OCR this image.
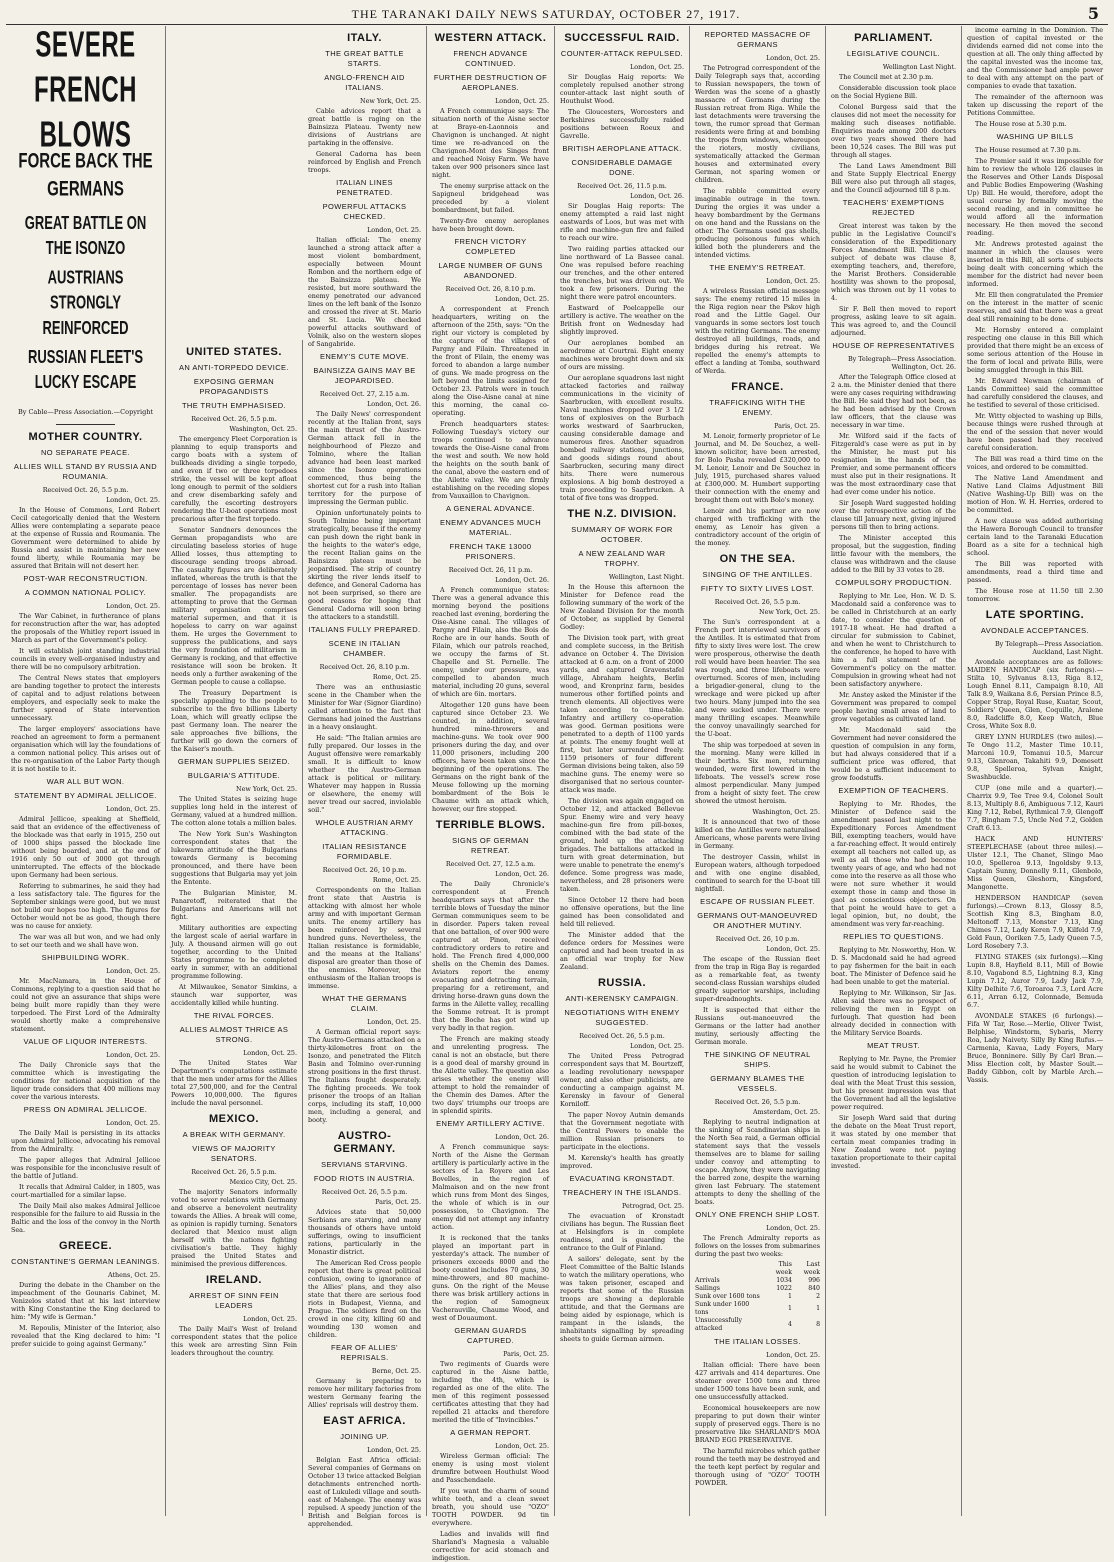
THE TARANAKI DAILY NEWS SATURDAY, OCTOBER 27, 1917.	5
SEVERE FRENCH BLOWS
FORCE BACK THE GERMANS
GREAT BATTLE ON THE ISONZO
AUSTRIANS STRONGLY REINFORCED
RUSSIAN FLEET'S LUCKY ESCAPE
By Cable—Press Association.—Copyright
MOTHER COUNTRY.
NO SEPARATE PEACE.
ALLIES WILL STAND BY RUSSIA AND ROUMANIA.

Received Oct. 26, 5.5 p.m.

London, Oct. 25.

In the House of Commons, Lord Robert Cecil categorically denied that the Western Allies were contemplating a separate peace at the expense of Russia and Roumania. The Government were determined to abide by Russia and assist in maintaining her new found liberty, while Roumania may be assured that Britain will not desert her.

POST-WAR RECONSTRUCTION.
A COMMON NATIONAL POLICY.

London, Oct. 25.

The War Cabinet, in furtherance of plans for reconstruction after the war, has adopted the proposals of the Whitley report issued in March as part of the Government's policy.

It will establish joint standing industrial councils in every well-organised industry and there will be no compulsory arbitration.

The Central News states that employers are banding together to protect the interests of capital and to adjust relations between employers, and especially seek to make the further spread of State intervention unnecessary.

The larger employers' associations have reached an agreement to form a permanent organisation which will lay the foundations of a common national policy. This arises out of the re-organisation of the Labor Party though it is not hostile to it.

WAR ALL BUT WON.
STATEMENT BY ADMIRAL JELLICOE.

London, Oct. 25.

Admiral Jellicoe, speaking at Sheffield, said that an evidence of the effectiveness of the blockade was that early in 1915, 250 out of 1000 ships passed the blockade line without being boarded, and at the end of 1916 only 50 out of 3000 got through uninterrupted. The effects of the blockade upon Germany had been serious.

Referring to submarines, he said they had a less satisfactory tale. The figures for the September sinkings were good, but we must not build our hopes too high. The figures for October would not be as good, though there was no cause for anxiety.

The war was all but won, and we had only to set our teeth and we shall have won.

SHIPBUILDING WORK.

London, Oct. 25.

Mr. MacNamara, in the House of Commons, replying to a question said that he could not give an assurance that ships were being built more rapidly than they were torpedoed. The First Lord of the Admiralty would shortly make a comprehensive statement.

VALUE OF LIQUOR INTERESTS.

London, Oct. 25.

The Daily Chronicle says that the committee which is investigating the conditions for national acquisition of the liquor trade considers that 400 millions may cover the various interests.

PRESS ON ADMIRAL JELLICOE.

London, Oct. 25.

The Daily Mail is persisting in its attacks upon Admiral Jellicoe, advocating his removal from the Admiralty.

The paper alleges that Admiral Jellicoe was responsible for the inconclusive result of the battle of Jutland.

It recalls that Admiral Calder, in 1805, was court-martialled for a similar lapse.

The Daily Mail also makes Admiral Jellicoe responsible for the failure to aid Russia in the Baltic and the loss of the convoy in the North Sea.

GREECE.
CONSTANTINE'S GERMAN LEANINGS.

Athens, Oct. 25.

During the debate in the Chamber on the impeachment of the Gounaris Cabinet, M. Venizelos stated that at his last interview with King Constantine the King declared to him: "My wife is German."

M. Repoulis, Minister of the Interior, also revealed that the King declared to him: "I prefer suicide to going against Germany."

UNITED STATES.
AN ANTI-TORPEDO DEVICE.
EXPOSING GERMAN PROPAGANDISTS
THE TRUTH EMPHASISED.

Received Oct. 26, 5.5 p.m.

Washington, Oct. 25.

The emergency Fleet Corporation is planning to equip transports and cargo boats with a system of bulkheads dividing a single torpedo, and even if two or three torpedoes strike, the vessel will be kept afloat long enough to permit of the soldiers and crew disembarking safely and carefully, the escorting destroyers rendering the U-boat operations most precarious after the first torpedo.

Senator Sandners denounces the German propagandists who are circulating baseless stories of huge Allied losses, thus attempting to discourage sending troops abroad. The casualty figures are deliberately inflated, whereas the truth is that the percentage of losses has never been smaller. The propagandists are attempting to prove that the German military organisation comprises material supermen, and that it is hopeless to carry on war against them. He urges the Government to suppress the publications, and says the very foundation of militarism in Germany is rocking, and that effective resistance will soon be broken. It needs only a further awakening of the German people to cause a collapse.

The Treasury Department is specially appealing to the people to subscribe to the five billions Liberty Loan, which will greatly eclipse the past Germany loan. The nearer the sale approaches five billions, the further will go down the corners of the Kaiser's mouth.

GERMAN SUPPLIES SEIZED.
BULGARIA'S ATTITUDE.

New York, Oct. 25.

The United States is seizing huge supplies long held in the interest of Germany, valued at a hundred million. The cotton alone totals a million bales.

The New York Sun's Washington correspondent states that the lukewarm attitude of the Bulgarians towards Germany is becoming pronounced, and there have been suggestions that Bulgaria may yet join the Entente.

The Bulgarian Minister, M. Panaretoff, reiterated that the Bulgarians and Americans will not fight.

Military authorities are expecting the largest scale of aerial warfare in July. A thousand airmen will go out together, according to the United States programme to be completed early in summer, with an additional programme following.

At Milwaukee, Senator Simkins, a staunch war supporter, was accidentally killed while hunting.

THE RIVAL FORCES.
ALLIES ALMOST THRICE AS STRONG.

London, Oct. 25.

The United States War Department's computations estimate that the men under arms for the Allies total 27,500,000, and for the Central Powers 10,000,000. The figures include the naval personnel.

MEXICO.
A BREAK WITH GERMANY.
VIEWS OF MAJORITY SENATORS.

Received Oct. 26, 5.5 p.m.

Mexico City, Oct. 25.

The majority Senators informally voted to sever relations with Germany and observe a benevolent neutrality towards the Allies. A break will come, as opinion is rapidly turning. Senators declared that Mexico must align herself with the nations fighting civilisation's battle. They highly praised the United States and minimised the previous differences.

IRELAND.
ARREST OF SINN FEIN LEADERS

London, Oct. 25.

The Daily Mail's West of Ireland correspondent states that the police this week are arresting Sinn Fein leaders throughout the country.

ITALY.
THE GREAT BATTLE STARTS.
ANGLO-FRENCH AID ITALIANS.

New York, Oct. 25.

Cable advices report that a great battle is raging on the Bainsizza Plateau. Twenty new divisions of Austrians are partaking in the offensive.

General Cadorna has been reinforced by English and French troops.

ITALIAN LINES PENETRATED.
POWERFUL ATTACKS CHECKED.

London, Oct. 25.

Italian official: The enemy launched a strong attack after a most violent bombardment, especially between Mount Rombon and the northern edge of the Bainsizza plateau. We resisted, but more southward the enemy penetrated our advanced lines on the left bank of the Isonzo and crossed the river at St. Mario and St. Lucia. We checked powerful attacks southward of Volnik, also on the western slopes of Sangabride.

ENEMY'S CUTE MOVE.
BAINSIZZA GAINS MAY BE JEOPARDISED.

Received Oct. 27, 2.15 a.m.

London, Oct. 26.

The Daily News' correspondent recently at the Italian front, says the main thrust of the Austro-German attack fell in the neighbourhood of Plezzo and Tolmino, where the Italian advance had been least marked since the Isonzo operations commenced, thus being the shortest cut for a rush into Italian territory for the purpose of impressing the German public.

Opinion unfortunately points to South Tolmino being important strategically, because if the enemy can push down the right bank in the heights to the water's edge, the recent Italian gains on the Bainsizza plateau must be jeopardised. The strip of country skirting the river lends itself to defence, and General Cadorna has not been surprised, so there are good reasons for hoping that General Cadorna will soon bring the attackers to a standstill.

ITALIANS FULLY PREPARED.
SCENE IN ITALIAN CHAMBER.

Received Oct. 26, 8.10 p.m.

Rome, Oct. 25.

There was an enthusiastic scene in the Chamber when the Minister for War (Signor Giardino) called attention to the fact that Germans had joined the Austrians in a heavy onslaught.

He said: "The Italian armies are fully prepared. Our losses in the August offensive were remarkably small. It is difficult to know whether the Austro-German attack is political or military. Whatever may happen in Russia or elsewhere, the enemy will never tread our sacred, inviolable soil."

WHOLE AUSTRIAN ARMY ATTACKING.
ITALIAN RESISTANCE FORMIDABLE.

Received Oct. 26, 10 p.m.

Rome, Oct. 25.

Correspondents on the Italian front state that Austria is attacking with almost her whole army and with important German units. The enemy artillery has been reinforced by several hundred guns. Nevertheless, the Italian resistance is formidable, and the means at the Italians' disposal are greater than those of the enemies. Moreover, the enthusiasm of the Italian troops is immense.

WHAT THE GERMANS CLAIM.

London, Oct. 25.

A German official report says: The Austro-Germans attacked on a thirty-kilometres front on the Isonzo, and penetrated the Flitch Basin and Tolmino over-running strong positions in the first thrust. The Italians fought desperately. The fighting proceeds. We took prisoner the troops of an Italian corps, including its staff, 10,000 men, including a general, and booty.

AUSTRO-GERMANY.
SERVIANS STARVING.
FOOD RIOTS IN AUSTRIA.

Received Oct. 26, 5.5 p.m.

Paris, Oct. 25.

Advices state that 50,000 Serbians are starving, and many thousands of others have untold sufferings, owing to insufficient rations, particularly in the Monastir district.

The American Red Cross people report that there is great political confusion, owing to ignorance of the Allies' plans, and they also state that there are serious food riots in Budapest, Vienna, and Prague. The soldiers fired on the crowd in one city, killing 60 and wounding 130 women and children.

FEAR OF ALLIES' REPRISALS.

Berne, Oct. 25.

Germany is preparing to remove her military factories from western Germany fearing the Allies' reprisals will destroy them.

EAST AFRICA.
JOINING UP.

London, Oct. 25.

Belgian East Africa official: Several companies of Germans on October 13 twice attacked Belgian detachments entrenched north-east of Lukuledi village and south-east of Mahenge. The enemy was repulsed. A speedy junction of the British and Belgian forces is apprehended.

WESTERN ATTACK.
FRENCH ADVANCE CONTINUED.
FURTHER DESTRUCTION OF AEROPLANES.

London, Oct. 25.

A French communique says: The situation north of the Aisne sector at Braye-en-Laonnois and Chavignon is unchanged. At night time we re-advanced on the Chavignon-Mont des Singes front and reached Noisy Farm. We have taken over 900 prisoners since last night.

The enemy surprise attack on the Sapigneul bridgehead was preceded by a violent bombardment, but failed.

Twenty-five enemy aeroplanes have been brought down.

FRENCH VICTORY COMPLETED
LARGE NUMBER OF GUNS ABANDONED.

Received Oct. 26, 8.10 p.m.

London, Oct. 25.

A correspondent at French headquarters, writing on the afternoon of the 25th, says: "On the right our victory is completed by the capture of the villages of Pargny and Filain. Threatened in the front of Filain, the enemy was forced to abandon a large number of guns. We made progress on the left beyond the limits assigned for October 23. Patrols were in touch along the Oise-Aisne canal at nine this morning, the canal co-operating.

French headquarters states: Following Tuesday's victory our troops continued to advance towards the Oise-Aisne canal from the west and south. We now hold the heights on the south bank of the canal, above the eastern end of the Ailette valley. We are firmly establishing on the receding slopes from Vauxaillon to Chavignon.

A GENERAL ADVANCE.
ENEMY ADVANCES MUCH MATERIAL.
FRENCH TAKE 13000 PRISONERS.

Received Oct. 26, 11 p.m.

London, Oct. 26.

A French communique states: There was a general advance this morning beyond the positions reached last evening, bordering the Oise-Aisne canal. The villages of Pargny and Filain, also the Bois de Roche are in our hands. South of Filain, which our patrols reached, we occupy the farms of St. Chapelle and St. Pernelle. The enemy, under our pressure, was compelled to abandon much material, including 20 guns, several of which are 6in. mortars.

Altogether 120 guns have been captured since October 23. We counted, in addition, several hundred mine-throwers and machine-guns. We took over 900 prisoners during the day, and over 11,000 prisoners, including 200 officers, have been taken since the beginning of the operations. The Germans on the right bank of the Meuse following up the morning bombardment of the Bois le Chaume with an attack which, however, our fire stopped.

TERRIBLE BLOWS.
SIGNS OF GERMAN RETREAT.

Received Oct. 27, 12.5 a.m.

London, Oct. 26.

The Daily Chronicle's correspondent at French headquarters says that after the terrible blows of Tuesday the minor German communiques seem to be in disorder. Papers taken reveal that one battalion, of over 900 were captured at Pinon, received contradictory orders to retire and hold. The French fired 4,000,000 shells on the Chemin des Dames. Aviators report the enemy evacuating and detracting terrain, preparing for a retirement, and driving horse-drawn guns down the farms in the Ailette valley, recalling the Somme retreat. It is prompt that the Boche has got wind up very badly in that region.

The French are making steady and unrelenting progress. The canal is not an obstacle, but there is a good deal of marshy ground in the Ailette valley. The question also arises whether the enemy will attempt to hold the remainder of the Chemin des Dames. After the two days' triumphs our troops are in splendid spirits.

ENEMY ARTILLERY ACTIVE.

London, Oct. 26.

A French communique says: North of the Aisne the German artillery is particularly active in the sectors of La Royere and Les Bovelles, in the region of Malmaison and on the new front which runs from Mont des Singes, the whole of which is in our possession, to Chavignon. The enemy did not attempt any infantry action.

It is reckoned that the tanks played an important part in yesterday's attack. The number of prisoners exceeds 8000 and the booty counted includes 70 guns, 30 mine-throwers, and 80 machine-guns. On the right of the Meuse there was brisk artillery actions in the region of Samogneux Vacherauville, Chaume Wood, and west of Douaumont.

GERMAN GUARDS CAPTURED.

Paris, Oct. 25.

Two regiments of Guards were captured in the Aisne battle, including the 4th, which is regarded as one of the elite. The men of this regiment possessed certificates attesting that they had repelled 21 attacks and therefore merited the title of "Invincibles."

A GERMAN REPORT.

London, Oct. 25.

Wireless German official: The enemy is using most violent drumfire between Houthulst Wood and Passchendaele.

If you want the charm of sound white teeth, and a clean sweet breath, you should use "OZO" TOOTH POWDER. 9d tin everywhere.

Ladies and invalids will find Sharland's Magnesia a valuable corrective for acid stomach and indigestion.

SUCCESSFUL RAID.
COUNTER-ATTACK REPULSED.

London, Oct. 25.

Sir Douglas Haig reports: We completely repulsed another strong counter-attack last night south of Houthulst Wood.

The Gloucesters, Worcesters and Berkshires successfully raided positions between Roeux and Gavrelle.

BRITISH AEROPLANE ATTACK.
CONSIDERABLE DAMAGE DONE.

Received Oct. 26, 11.5 p.m.

London, Oct. 26.

Sir Douglas Haig reports: The enemy attempted a raid last night eastwards of Loos, but was met with rifle and machine-gun fire and failed to reach our wire.

Two raiding parties attacked our line northward of La Bassee canal. One was repulsed before reaching our trenches, and the other entered the trenches, but was driven out. We took a few prisoners. During the night there were patrol encounters.

Eastward of Poelcappelle our artillery is active. The weather on the British front on Wednesday had slightly improved.

Our aeroplanes bombed an aerodrome at Courtrai. Eight enemy machines were brought down and six of ours are missing.

Our aeroplane squadrons last night attacked factories and railway communications in the vicinity of Saarbrucken, with excellent results. Naval machines dropped over 3 1/2 tons of explosives on the Burbach works westward of Saarbrucken, causing considerable damage and numerous fires. Another squadron bombed railway stations, junctions, and goods sidings round about Saarbrucken, securing many direct hits. There were numerous explosions. A big bomb destroyed a train proceeding to Saarbrucken. A total of five tons was dropped.

THE N.Z. DIVISION.
SUMMARY OF WORK FOR OCTOBER.
A NEW ZEALAND WAR TROPHY.

Wellington, Last Night.

In the House this afternoon the Minister for Defence read the following summary of the work of the New Zealand Division for the month of October, as supplied by General Godley:

The Division took part, with great and complete success, in the British advance on October 4. The Division attacked at 6 a.m. on a front of 2000 yards, and captured Gravenstafel village, Abraham heights, Berlin wood, and Kronprinz farm, besides numerous other fortified points and trench elements. All objectives were taken according to time-table. Infantry and artillery co-operation was good. German positions were penetrated to a depth of 1100 yards at points. The enemy fought well at first, but later surrendered freely. 1159 prisoners of four different German divisions being taken, also 59 machine guns. The enemy were so disorganised that no serious counter-attack was made.

The division was again engaged on October 12, and attacked Bellevue Spur. Enemy wire and very heavy machine-gun fire from pill-boxes, combined with the bad state of the ground, held up the attacking brigades. The battalions attacked in turn with great determination, but were unable to penetrate the enemy's defence. Some progress was made, nevertheless, and 28 prisoners were taken.

Since October 12 there had been no offensive operations, but the line gained has been consolidated and held till relieved.

The Minister added that the defence orders for Messines were captured and had been treated in as an official war trophy for New Zealand.

RUSSIA.
ANTI-KERENSKY CAMPAIGN.
NEGOTIATIONS WITH ENEMY SUGGESTED.

Received Oct. 26, 5.5 p.m.

London, Oct. 25.

The United Press Petrograd correspondent says that M. Bourtzeff, a leading revolutionary newspaper owner, and also other publicists, are conducting a campaign against M. Kerensky in favour of General Korniloff.

The paper Novoy Autnin demands that the Government negotiate with the Central Powers to enable the million Russian prisoners to participate in the elections.

M. Kerensky's health has greatly improved.

EVACUATING KRONSTADT.
TREACHERY IN THE ISLANDS.

Petrograd, Oct. 25.

The evacuation of Kronstadt civilians has begun. The Russian fleet at Helsingfors is in complete readiness, and is guarding the entrance to the Gulf of Finland.

A sailors' delegate, sent by the Fleet Committee of the Baltic Islands to watch the military operations, who was taken prisoner, escaped and reports that some of the Russian troops are showing a deplorable attitude, and that the Germans are being aided by espionage, which is rampant in the islands, the inhabitants signalling by spreading sheets to guide German airmen.

REPORTED MASSACRE OF GERMANS

London, Oct. 25.

The Petrograd correspondent of the Daily Telegraph says that, according to Russian newspapers, the town of Werden was the scene of a ghastly massacre of Germans during the Russian retreat from Riga. While the last detachments were traversing the town, the rumor spread that German residents were firing at and bombing the troops from windows, whereupon the rioters, mostly civilians, systematically attacked the German houses and exterminated every German, not sparing women or children.

The rabble committed every imaginable outrage in the town. During the orgies it was under a heavy bombardment by the Germans on one hand and the Russians on the other. The Germans used gas shells, producing poisonous fumes which killed both the plunderers and the intended victims.

THE ENEMY'S RETREAT.

London, Oct. 25.

A wireless Russian official message says: The enemy retired 15 miles in the Riga region near the Pskov high road and the Little Gagel. Our vanguards in some sectors lost touch with the retiring Germans. The enemy destroyed all buildings, roads, and bridges during his retreat. We repelled the enemy's attempts to effect a landing at Tomba, southward of Werda.

FRANCE.
TRAFFICKING WITH THE ENEMY.

Paris, Oct. 25.

M. Lenoir, formerly proprietor of Le Journal, and M. De Souchez, a well-known solicitor, have been arrested, for Bolo Pasha revealed £320,000 to M. Lenoir, Lenoir and De Souchez in July, 1915, purchased shares valued at £300,000. M. Humbert supporting their connection with the enemy and brought them out with Bolo's money.

Lenoir and his partner are now charged with trafficking with the enemy, as Lenoir has given a contradictory account of the origin of the money.

ON THE SEA.
SINGING OF THE ANTILLES.
FIFTY TO SIXTY LIVES LOST.

Received Oct. 26, 5.5 p.m.

New York, Oct. 25.

The Sun's correspondent at a French port interviewed survivors of the Antilles. It is estimated that from fifty to sixty lives were lost. The crew were prosperous, otherwise the death roll would have been heavier. The sea was rough, and three lifeboats were overturned. Scores of men, including a brigadier-general, clung to the wreckage and were picked up after two hours. Many jumped into the sea and were sucked under. There were many thrilling escapes. Meanwhile the convoy unavailingly searched for the U-boat.

The ship was torpedoed at seven in the morning. Many were killed in their berths. Six men, returning wounded, were first lowered in the lifeboats. The vessel's screw rose almost perpendicular. Many jumped from a height of sixty feet. The crew showed the utmost heroism.

Washington, Oct. 25.

It is announced that two of those killed on the Antilles were naturalised Americans, whose parents were living in Germany.

The destroyer Cassin, whilst in European waters, although torpedoed and with one engine disabled, continued to search for the U-boat till nightfall.

ESCAPE OF RUSSIAN FLEET.
GERMANS OUT-MANOEUVRED OR ANOTHER MUTINY.

Received Oct. 26, 10 p.m.

London, Oct. 25.

The escape of the Russian fleet from the trap in Riga Bay is regarded as a remarkable feat, as twenty second-class Russian warships eluded greatly superior warships, including super-dreadnoughts.

It is suspected that either the Russians out-manoeuvred the Germans or the latter had another mutiny, seriously affecting the German morale.

THE SINKING OF NEUTRAL SHIPS.
GERMANY BLAMES THE VESSELS.

Received Oct. 26, 5.5 p.m.

Amsterdam, Oct. 25.

Replying to neutral indignation at the sinking of Scandinavian ships in the North Sea raid, a German official statement says that the vessels themselves are to blame for sailing under convoy and attempting to escape. Anyhow, they were navigating the barred zone, despite the warning given last February. The statement attempts to deny the shelling of the boats.

ONLY ONE FRENCH SHIP LOST.

London, Oct. 25.

The French Admiralty reports as follows on the losses from submarines during the past two weeks:

	This week	Last week
Arrivals	1034	996
Sailings	1022	840
Sunk over 1600 tons	1	2
Sunk under 1600 tons	1	1
Unsuccessfully attacked	4	8
THE ITALIAN LOSSES.

London, Oct. 25.

Italian official: There have been 427 arrivals and 414 departures. One steamer over 1500 tons and three under 1500 tons have been sunk, and one unsuccessfully attacked.

Economical housekeepers are now preparing to put down their winter supply of preserved eggs. There is no preservative like SHARLAND'S MOA BRAND EGG PRESERVATIVE.

The harmful microbes which gather round the teeth may be destroyed and the teeth kept perfect by regular and thorough using of "OZO" TOOTH POWDER.

PARLIAMENT.
LEGISLATIVE COUNCIL.

Wellington Last Night.

The Council met at 2.30 p.m.

Considerable discussion took place on the Social Hygiene Bill.

Colonel Burgess said that the clauses did not meet the necessity for making such diseases notifiable. Enquiries made among 200 doctors over two years showed there had been 10,524 cases. The Bill was put through all stages.

The Land Laws Amendment Bill and State Supply Electrical Energy Bill were also put through all stages, and the Council adjourned till 8 p.m.

TEACHERS' EXEMPTIONS REJECTED

Great interest was taken by the public in the Legislative Council's consideration of the Expeditionary Forces Amendment Bill. The chief subject of debate was clause 8, exempting teachers, and, therefore, the Marist Brothers. Considerable hostility was shown to the proposal, which was thrown out by 11 votes to 4.

Sir F. Bell then moved to report progress, asking leave to sit again. This was agreed to, and the Council adjourned.

HOUSE OF REPRESENTATIVES

By Telegraph—Press Association. Wellington, Oct. 26.

After the Telegraph Office closed at 2 a.m. the Minister denied that there were any cases requiring withdrawing the Bill. He said they had not been, as he had been advised by the Crown law officers, that the clause was necessary in war time.

Mr. Wilford said if the facts of Fitzgerald's case were as put in by the Minister, he must put his resignation in the hands of the Premier, and some permanent officers must also put in their resignations. It was the most extraordinary case that had ever come under his notice.

Sir Joseph Ward suggested holding over the retrospective action of the clause till January next, giving injured persons till then to bring actions.

The Minister accepted this proposal, but the suggestion, finding little favour with the members, the clause was withdrawn and the clause added to the Bill by 33 votes to 28.

COMPULSORY PRODUCTION.

Replying to Mr. Lee, Hon. W. D. S. Macdonald said a conference was to be called in Christchurch at an early date, to consider the question of 1917-18 wheat. He had drafted a circular for submission to Cabinet, and when he went to Christchurch to the conference, he hoped to have with him a full statement of the Government's policy on the matter. Compulsion in growing wheat had not been satisfactory anywhere.

Mr. Anstey asked the Minister if the Government was prepared to compel people having small areas of land to grow vegetables as cultivated land.

Mr. Macdonald said the Government had never considered the question of compulsion in any form, but had always considered that if a sufficient price was offered, that would be a sufficient inducement to grow foodstuffs.

EXEMPTION OF TEACHERS.

Replying to Mr. Rhodes, the Minister of Defence said the amendment passed last night to the Expeditionary Forces Amendment Bill, exempting teachers, would have a far-reaching effect. It would entirely exempt all teachers not called up, as well as all those who had become twenty years of age, and who had not come into the reserve as all those who were not sure whether it would exempt those in camp and those in gaol as conscientious objectors. On that point he would have to get a legal opinion, but, no doubt, the amendment was very far-reaching.

REPLIES TO QUESTIONS.

Replying to Mr. Nosworthy, Hon. W. D. S. Macdonald said he had agreed to pay fishermen for the bait in each boat. The Minister of Defence said he had been unable to get the material.

Replying to Mr. Wilkinson, Sir Jas. Allen said there was no prospect of relieving the men in Egypt on furlough. That question had been already decided in connection with the Military Service Boards.

MEAT TRUST.

Replying to Mr. Payne, the Premier said he would submit to Cabinet the question of introducing legislation to deal with the Meat Trust this session, but his present impression was that the Government had all the legislative power required.

Sir Joseph Ward said that during the debate on the Meat Trust report, it was stated by one member that certain meat companies trading in New Zealand were not paying taxation proportionate to their capital invested.

income earning in the Dominion. The question of capital invested or the dividends earned did not come into the question at all. The only thing affected by the capital invested was the income tax, and the Commissioner had ample power to deal with any attempt on the part of companies to evade that taxation.

The remainder of the afternoon was taken up discussing the report of the Petitions Committee.

The House rose at 5.30 p.m.

WASHING UP BILLS

The House resumed at 7.30 p.m.

The Premier said it was impossible for him to review the whole 126 clauses in the Reserves and Other Lands Disposal and Public Bodies Empowering (Washing Up) Bill. He would, therefore, adopt the usual course by formally moving the second reading, and in committee he would afford all the information necessary. He then moved the second reading.

Mr. Andrews protested against the manner in which the clauses were inserted in this Bill, all sorts of subjects being dealt with concerning which the member for the district had never been informed.

Mr. Ell then congratulated the Premier on the interest in the matter of scenic reserves, and said that there was a great deal still remaining to be done.

Mr. Hornsby entered a complaint respecting one clause in this Bill which provided that there might be an excess of some serious attention of the House in the form of local and private Bills, were being smuggled through in this Bill.

Mr. Edward Newman (chairman of Lands Committee) said the committee had carefully considered the clauses, and he testified to several of those criticised.

Mr. Witty objected to washing up Bills, because things were rushed through at the end of the session that never would have been passed had they received careful consideration.

The Bill was read a third time on the voices, and ordered to be committed.

The Native Land Amendment and Native Land Claims Adjustment Bill (Native Washing-Up Bill) was on the motion of Hon. W. H. Herries, ordered to be committed.

A new clause was added authorising the Hawera Borough Council to transfer certain land to the Taranaki Education Board as a site for a technical high school.

The Bill was reported with amendments, read a third time and passed.

The House rose at 11.50 till 2.30 tomorrow.

LATE SPORTING.
AVONDALE ACCEPTANCES.

By Telegraph—Press Association. Auckland, Last Night.

Avondale acceptances are as follows: MAIDEN HANDICAP (six furlongs).—Stilta 10, Sylvanus 8.13, Riga 8.12, Lough Ennel 8.11, Campaign 8.10, All Talk 8.9, Waikana 8.6, Persian Prince 8.5, Copper Strap, Royal Ruse, Kuatar, Scout, Soldiers' Queen, Glen, Coquille, Aralene 8.0, Radcliffe 8.0, Keep Watch, Blue Cross, White Sox 8.0.

GREY LYNN HURDLES (two miles).—Te Ongo 11.2, Master Time 10.11, Marconi 10.9, Tomanui 10.5, Marcur 9.13, Glenroan, Takahiti 9.9, Domesett 9.8, Spelleroa, Sylvan Knight, Swashbuckle.

CUP (one mile and a quarter).—Charrix 9.9, Tee Tree 9.4, Colonel Soult 8.13, Multiply 8.6, Ambiguous 7.12, Kauri King 7.12, Rebel, Rythmical 7.9, Glengoff 7.7, Bingham 7.5, Uncle Ned 7.2, Golden Craft 6.13.

HACK AND HUNTERS' STEEPLECHASE (about three miles).—Ulster 12.1, The Chanet, Slingo Mao 10.0, Spelleroa 9.13, Ingoldsby 9.13, Captain Sunny, Donnelly 9.11, Glenbolo, Miss Queen, Gleshorn, Kingsford, Mangonette.

HENDERSON HANDICAP (seven furlongs).—Crown 8.13, Glossy 8.5, Scottish King 8.3, Bingham 8.0, Meltonoff 7.13, Monster 7.13, King Chimes 7.12, Lady Keren 7.9, Kilfeld 7.9, Gold Faun, Ooriken 7.5, Lady Queen 7.5, Lord Rosebery 7.3.

FLYING STAKES (six furlongs).—King Lupin 8.8, Hayfield 8.11, Mill of Bowie 8.10, Vagabond 8.5, Lightning 8.3, King Lupin 7.12, Auror 7.9, Lady Jack 7.9, Kilty Delhite 7.6, Toroaroa 7.3, Lord Acre 6.11, Arran 6.12, Colonnade, Bemuda 6.7.

AVONDALE STAKES (6 furlongs).—Fifa W Tar, Rose.—Merlie, Oliver Twist, Belphise, Windstorm, Sybaris, Merry Roa, Lady Naivety. Silly By King Rufus.—Carmenia, Kavaa, Lady Foyers, Mary Bruce, Bonninere. Silly By Carl Bran.—Miss Election colt, by Master Soult.—Baddy Gibbon, colt by Marble Arch.—Vassis.
